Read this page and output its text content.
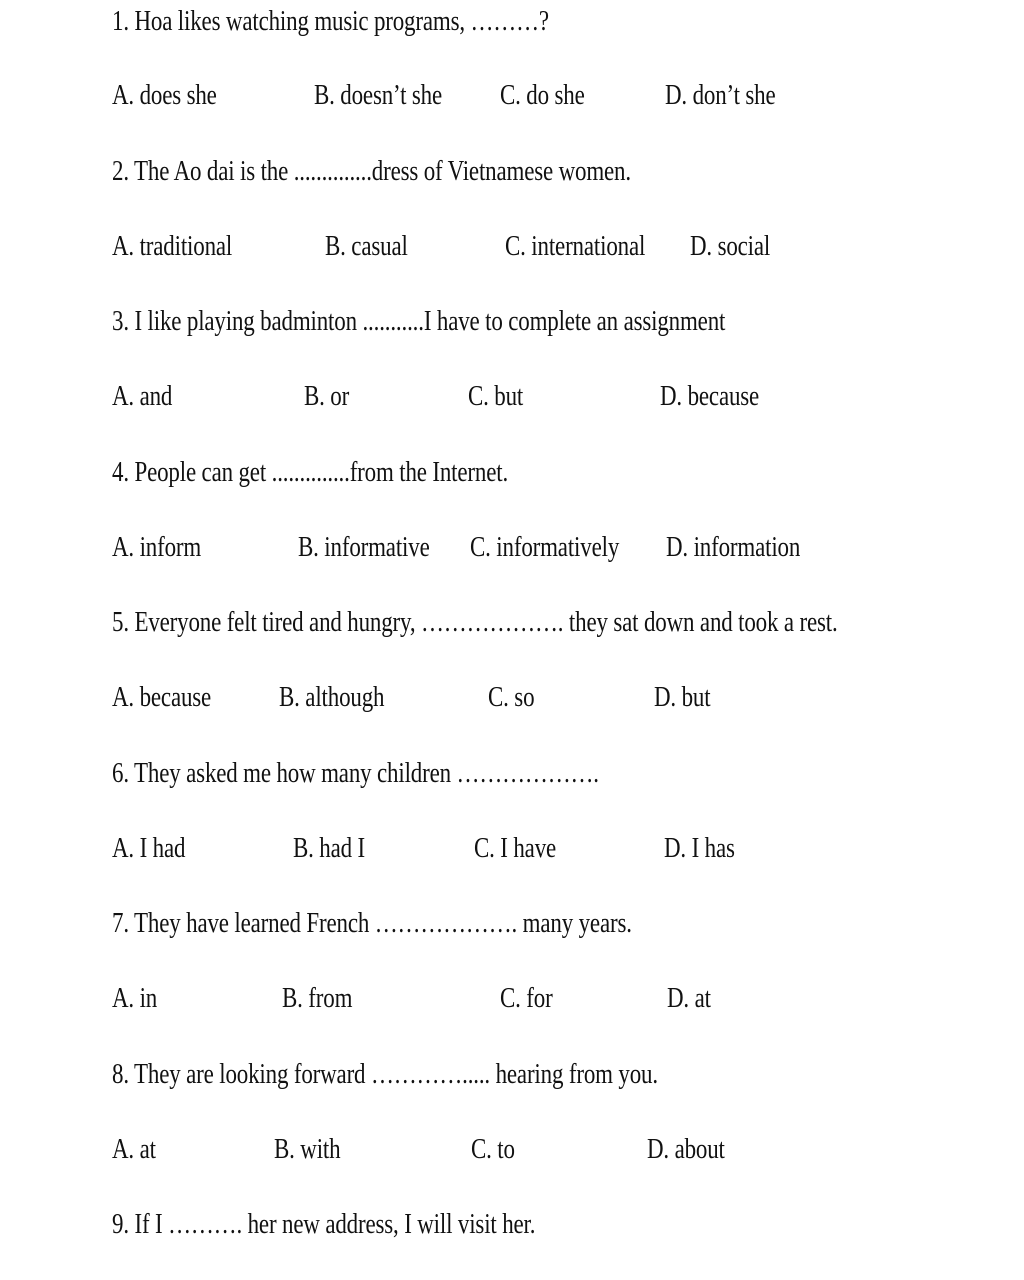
1. Hoa likes watching music programs, ………?
A. does she	B. doesn’t she C. do she	D. don’t she
2. The Ao dai is the ..............dress of Vietnamese women.
A. traditional	B. casual	C. international D. social
3. I like playing badminton ...........I have to complete an assignment
A. and	B. or	C. but	D. because
4. People can get ..............from the Internet.
A. inform	B. informative C. informatively D. information
5. Everyone felt tired and hungry, ………………. they sat down and took a rest.
A. because B. although	C. so	D. but
6. They asked me how many children ……………….
A. I had	B. had I	C. I have	D. I has
7. They have learned French ………………. many years.
A. in	B. from	C. for	D. at
8. They are looking forward …………..... hearing from you.
A. at	B. with	C. to	D. about
9. If I ………. her new address, I will visit her.
